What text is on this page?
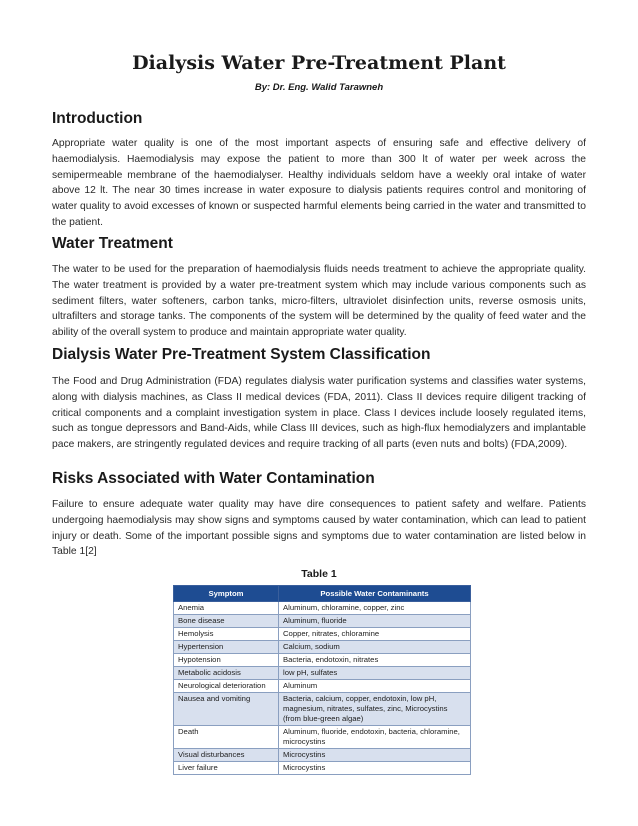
Dialysis Water Pre-Treatment Plant
By: Dr. Eng. Walid Tarawneh
Introduction

Appropriate water quality is one of the most important aspects of ensuring safe and effective delivery of haemodialysis. Haemodialysis may expose the patient to more than 300 lt of water per week across the semipermeable membrane of the haemodialyser. Healthy individuals seldom have a weekly oral intake of water above 12 lt. The near 30 times increase in water exposure to dialysis patients requires control and monitoring of water quality to avoid excesses of known or suspected harmful elements being carried in the water and transmitted to the patient.

Water Treatment

The water to be used for the preparation of haemodialysis fluids needs treatment to achieve the appropriate quality. The water treatment is provided by a water pre-treatment system which may include various components such as sediment filters, water softeners, carbon tanks, micro-filters, ultraviolet disinfection units, reverse osmosis units, ultrafilters and storage tanks. The components of the system will be determined by the quality of feed water and the ability of the overall system to produce and maintain appropriate water quality.

Dialysis Water Pre-Treatment System Classification

The Food and Drug Administration (FDA) regulates dialysis water purification systems and classifies water systems, along with dialysis machines, as Class II medical devices (FDA, 2011). Class II devices require diligent tracking of critical components and a complaint investigation system in place. Class I devices include loosely regulated items, such as tongue depressors and Band-Aids, while Class III devices, such as high-flux hemodialyzers and implantable pace makers, are stringently regulated devices and require tracking of all parts (even nuts and bolts) (FDA,2009).

Risks Associated with Water Contamination

Failure to ensure adequate water quality may have dire consequences to patient safety and welfare. Patients undergoing haemodialysis may show signs and symptoms caused by water contamination, which can lead to patient injury or death. Some of the important possible signs and symptoms due to water contamination are listed below in Table 1[2]

Table 1
Symptom	Possible Water Contaminants
Anemia	Aluminum, chloramine, copper, zinc
Bone disease	Aluminum, fluoride
Hemolysis	Copper, nitrates, chloramine
Hypertension	Calcium, sodium
Hypotension	Bacteria, endotoxin, nitrates
Metabolic acidosis	low pH, sulfates
Neurological deterioration	Aluminum
Nausea and vomiting	Bacteria, calcium, copper, endotoxin, low pH, magnesium, nitrates, sulfates, zinc, Microcystins (from blue-green algae)
Death	Aluminum, fluoride, endotoxin, bacteria, chloramine, microcystins
Visual disturbances	Microcystins
Liver failure	Microcystins
